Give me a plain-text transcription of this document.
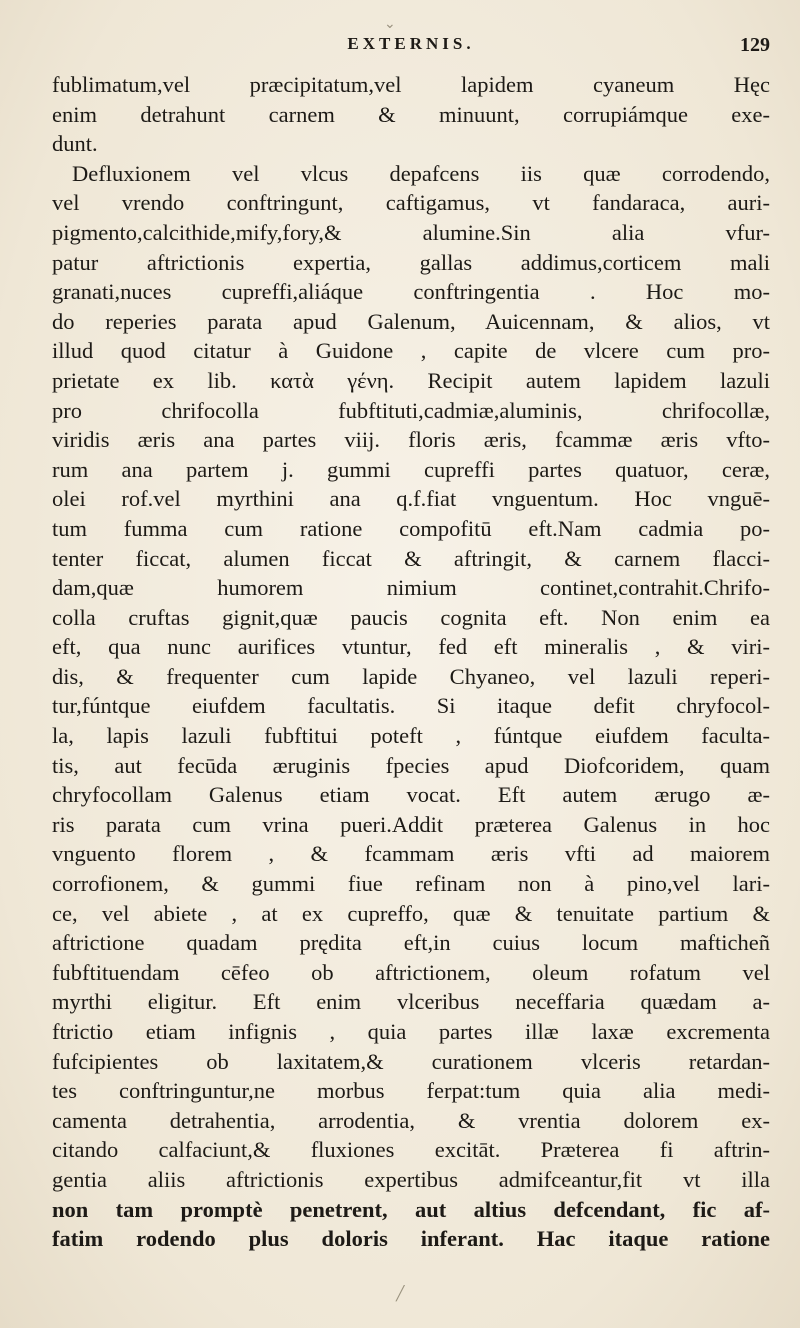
EXTERNIS.	129
fublimatum,vel præcipitatum,vel lapidem cyaneum Hęc
enim detrahunt carnem & minuunt, corrupiámque exe-
dunt.
Defluxionem vel vlcus depafcens iis quæ corrodendo,
vel vrendo conftringunt, caftigamus, vt fandaraca, auri-
pigmento,calcithide,mify,fory,& alumine.Sin alia vfur-
patur aftrictionis expertia, gallas addimus,corticem mali
granati,nuces cupreffi,aliáque conftringentia . Hoc mo-
do reperies parata apud Galenum, Auicennam, & alios, vt
illud quod citatur à Guidone , capite de vlcere cum pro-
prietate ex lib. κατὰ γένη. Recipit autem lapidem lazuli
pro chrifocolla fubftituti,cadmiæ,aluminis, chrifocollæ,
viridis æris ana partes viij. floris æris, fcammæ æris vfto-
rum ana partem j. gummi cupreffi partes quatuor, ceræ,
olei rof.vel myrthini ana q.f.fiat vnguentum. Hoc vnguē-
tum fumma cum ratione compofitū eft.Nam cadmia po-
tenter ficcat, alumen ficcat & aftringit, & carnem flacci-
dam,quæ humorem nimium continet,contrahit.Chrifo-
colla cruftas gignit,quæ paucis cognita eft. Non enim ea
eft, qua nunc aurifices vtuntur, fed eft mineralis , & viri-
dis, & frequenter cum lapide Chyaneo, vel lazuli reperi-
tur,fúntque eiufdem facultatis. Si itaque defit chryfocol-
la, lapis lazuli fubftitui poteft , fúntque eiufdem faculta-
tis, aut fecūda æruginis fpecies apud Diofcoridem, quam
chryfocollam Galenus etiam vocat. Eft autem ærugo æ-
ris parata cum vrina pueri.Addit præterea Galenus in hoc
vnguento florem , & fcammam æris vfti ad maiorem
corrofionem, & gummi fiue refinam non à pino,vel lari-
ce, vel abiete , at ex cupreffo, quæ & tenuitate partium &
aftrictione quadam prędita eft,in cuius locum mafticheñ
fubftituendam cēfeo ob aftrictionem, oleum rofatum vel
myrthi eligitur. Eft enim vlceribus neceffaria quædam a-
ftrictio etiam infignis , quia partes illæ laxæ excrementa
fufcipientes ob laxitatem,& curationem vlceris retardan-
tes conftringuntur,ne morbus ferpat:tum quia alia medi-
camenta detrahentia, arrodentia, & vrentia dolorem ex-
citando calfaciunt,& fluxiones excitāt. Præterea fi aftrin-
gentia aliis aftrictionis expertibus admifceantur,fit vt illa
non tam promptè penetrent, aut altius defcendant, fic af-
fatim rodendo plus doloris inferant. Hac itaque ratione
╱
⌄
